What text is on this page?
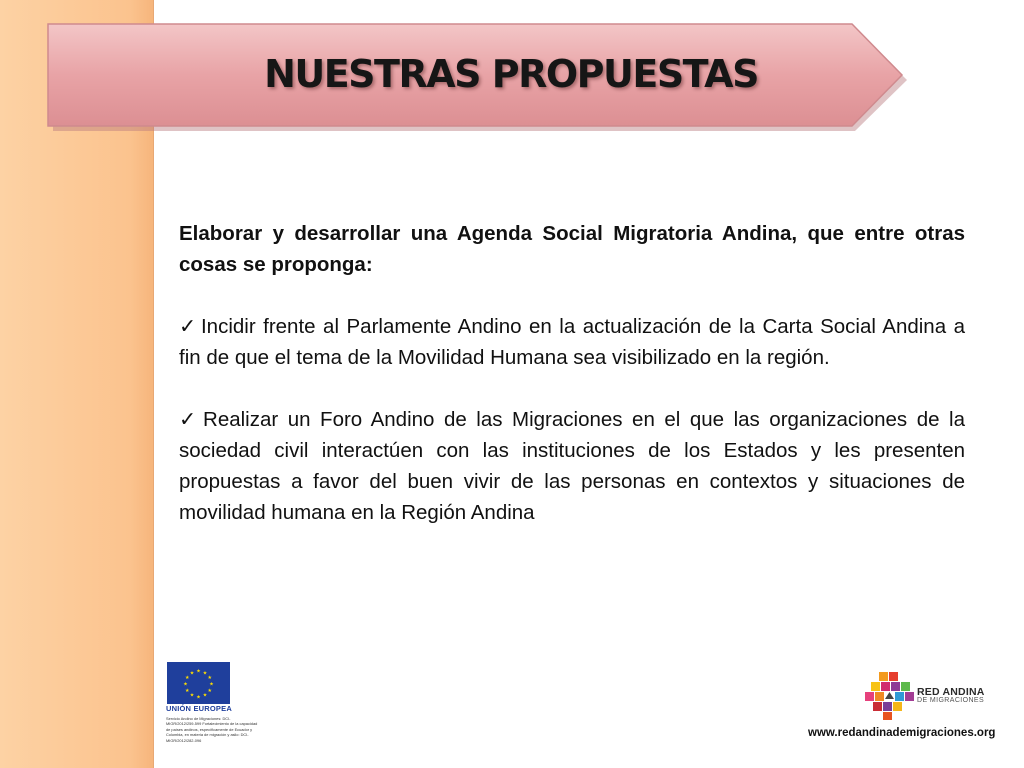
NUESTRAS PROPUESTAS

Elaborar y desarrollar una Agenda Social Migratoria Andina, que entre otras cosas se proponga:

✓ Incidir frente al Parlamente Andino en la actualización de la Carta Social Andina a fin de que el tema de la Movilidad Humana sea visibilizado en la región.

✓ Realizar un Foro Andino de las Migraciones en el que las organizaciones de la sociedad civil interactúen con las instituciones de los Estados y les presenten propuestas a favor del buen vivir de las personas en contextos y situaciones de movilidad humana en la Región Andina

★ ★
★
★
★
★
★
★
★
★
★
★
UNIÓN EUROPEA
Servicio Andino de Migraciones: DCI-MIGR/2012/259-599 Fortalecimiento de la capacidad de países andinos, específicamente de Ecuador y Colombia, en materia de migración y asilo: DCI-MIGR/2012/282-096
RED ANDINA
DE MIGRACIONES
www.redandinademigraciones.org
